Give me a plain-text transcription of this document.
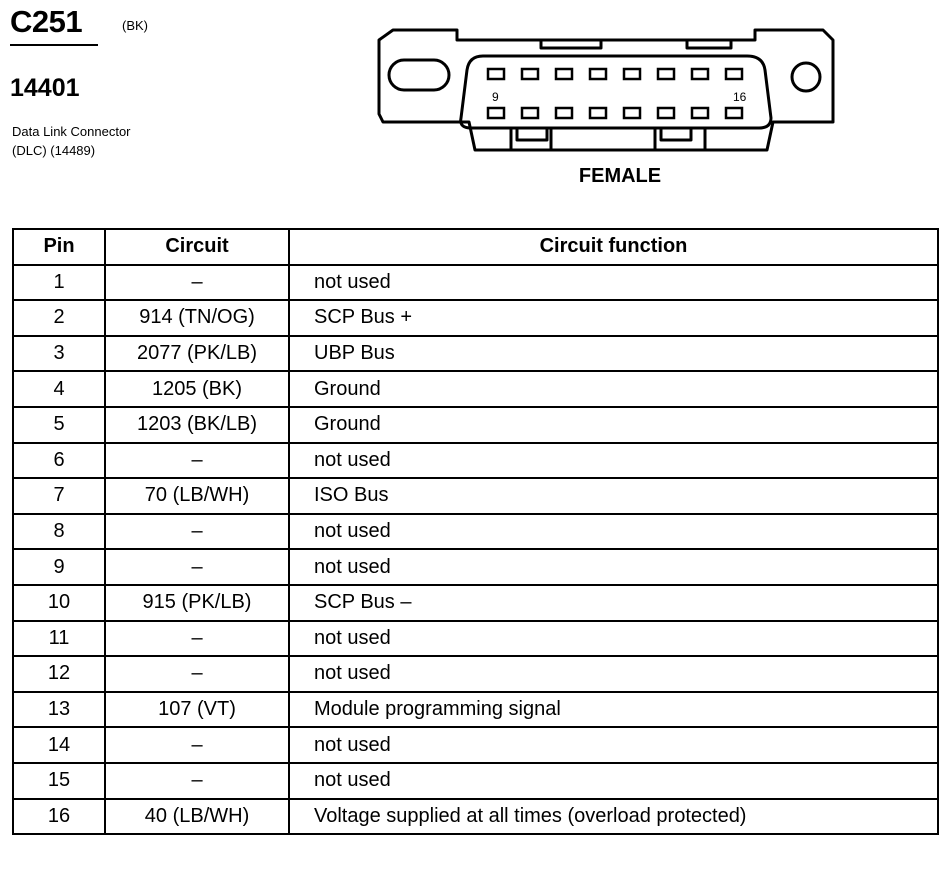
C251	(BK)
14401
Data Link Connector
(DLC) (14489)
9	16
FEMALE
Pin	Circuit	Circuit function
1	–	not used
2	914 (TN/OG)	SCP Bus +
3	2077 (PK/LB)	UBP Bus
4	1205 (BK)	Ground
5	1203 (BK/LB)	Ground
6	–	not used
7	70 (LB/WH)	ISO Bus
8	–	not used
9	–	not used
10	915 (PK/LB)	SCP Bus –
11	–	not used
12	–	not used
13	107 (VT)	Module programming signal
14	–	not used
15	–	not used
16	40 (LB/WH)	Voltage supplied at all times (overload protected)
